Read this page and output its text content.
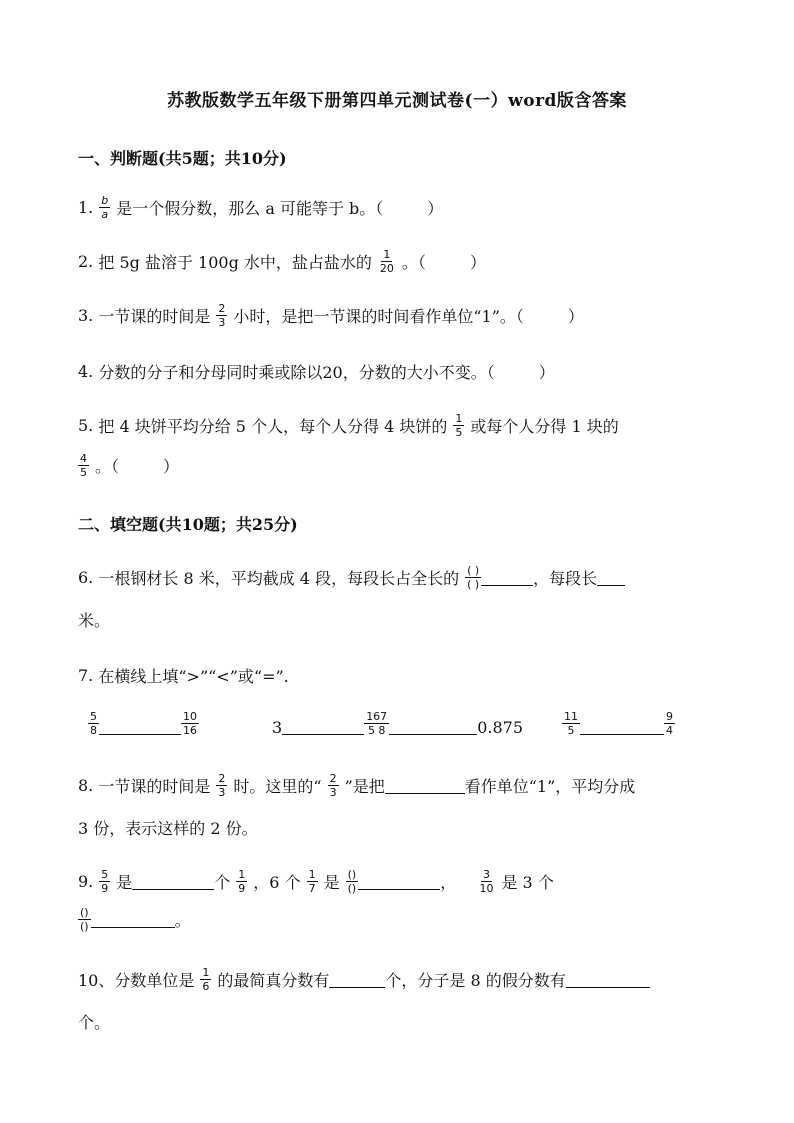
苏教版数学五年级下册第四单元测试卷(一）word版含答案
一、判断题(共5题；共10分)
1. $\frac{b}{a}$ 是一个假分数，那么 a 可能等于 b。（	）
2.
把 5g 盐溶于 100g 水中，盐占盐水的 $\frac{1}{20}$ 。（	）
3.
一节课的时间是 $\frac{2}{3}$ 小时，是把一节课的时间看作单位“1”。（	）
4.
分数的分子和分母同时乘或除以20，分数的大小不变。（	）
5.
把 4 块饼平均分给 5 个人，每个人分得 4 块饼的 $\frac{1}{5}$ 或每个人分得 1 块的
$\frac{4}{5}$ 。（	）
二、填空题(共10题；共25分)
6.
一根钢材长 8 米，平均截成 4 段，每段长占全长的 $\frac{( )}{( )}$	，每段长
米。
7.
在横线上填“>”“<”或“=”.
$\frac{5}{8}$	$\frac{10}{16}$	3	$\frac{167}{5 8}$	0.875	$\frac{11}{5}$	$\frac{9}{4}$
8.
一节课的时间是 $\frac{2}{3}$ 时。这里的“ $\frac{2}{3}$ ”是把	看作单位“1”，平均分成
3 份，表示这样的 2 份。
9. $\frac{5}{9}$ 是	个 $\frac{1}{9}$ ，6 个 $\frac{1}{7}$ 是 $\frac{()}{()}$	，
$\frac{3}{10}$ 是 3 个
$\frac{()}{()}$	。
10、 分数单位是 $\frac{1}{6}$ 的最简真分数有	个，分子是 8 的假分数有
个。
